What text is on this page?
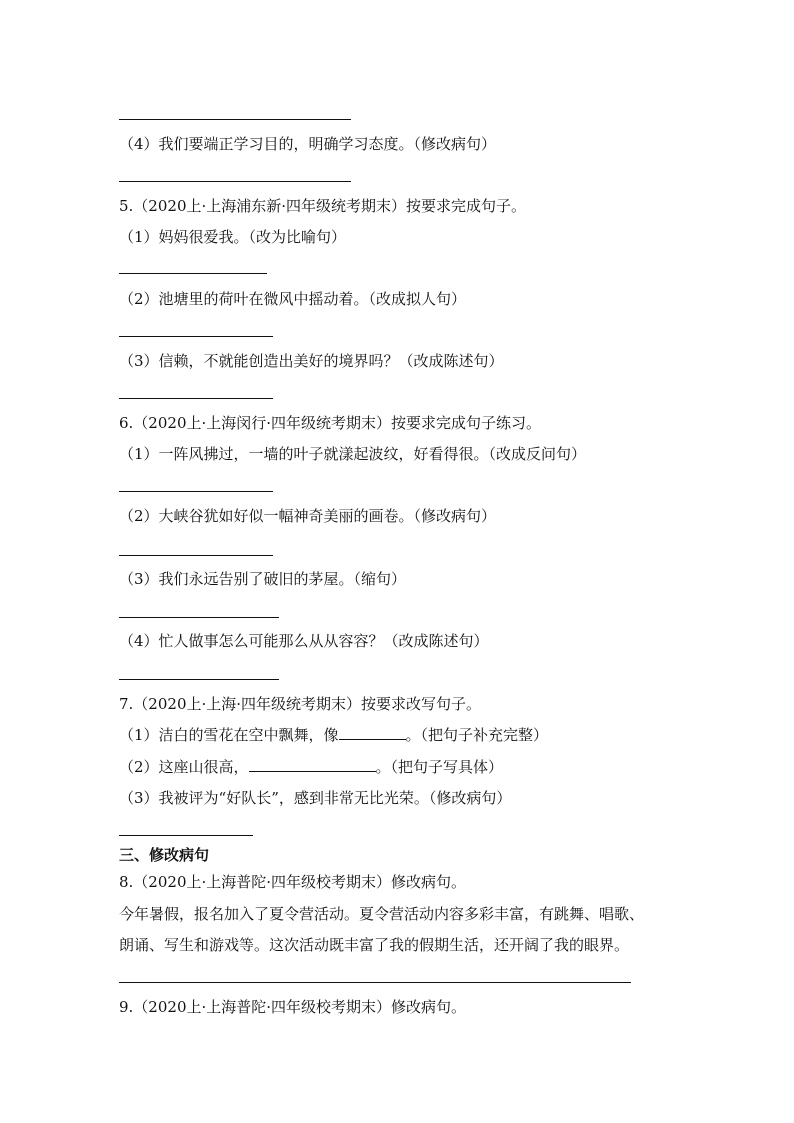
（4）我们要端正学习目的，明确学习态度。（修改病句）
5.（2020上·上海浦东新·四年级统考期末）按要求完成句子。
（1）妈妈很爱我。（改为比喻句）
（2）池塘里的荷叶在微风中摇动着。（改成拟人句）
（3）信赖，不就能创造出美好的境界吗？（改成陈述句）
6.（2020上·上海闵行·四年级统考期末）按要求完成句子练习。
（1）一阵风拂过，一墙的叶子就漾起波纹，好看得很。（改成反问句）
（2）大峡谷犹如好似一幅神奇美丽的画卷。（修改病句）
（3）我们永远告别了破旧的茅屋。（缩句）
（4）忙人做事怎么可能那么从从容容？（改成陈述句）
7.（2020上·上海·四年级统考期末）按要求改写句子。
（1）洁白的雪花在空中飘舞，像	。（把句子补充完整）
（2）这座山很高，	。（把句子写具体）
（3）我被评为“好队长”，感到非常无比光荣。（修改病句）
三、修改病句
8.（2020上·上海普陀·四年级校考期末）修改病句。
今年暑假，报名加入了夏令营活动。夏令营活动内容多彩丰富，有跳舞、唱歌、
朗诵、写生和游戏等。这次活动既丰富了我的假期生活，还开阔了我的眼界。
9.（2020上·上海普陀·四年级校考期末）修改病句。
